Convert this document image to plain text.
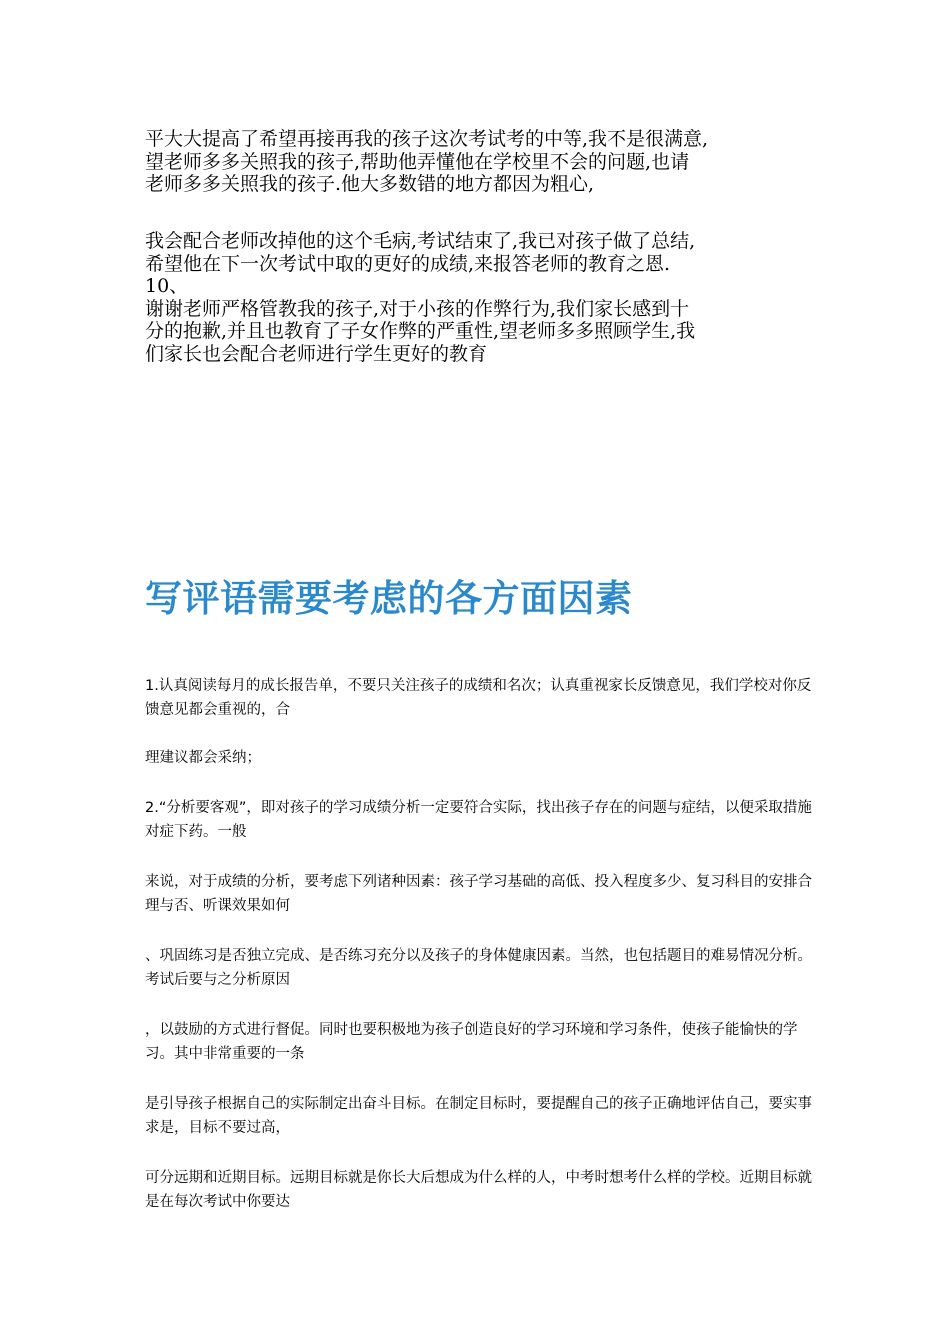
平大大提高了希望再接再我的孩子这次考试考的中等,我不是很满意,
望老师多多关照我的孩子,帮助他弄懂他在学校里不会的问题,也请
老师多多关照我的孩子.他大多数错的地方都因为粗心,

我会配合老师改掉他的这个毛病,考试结束了,我已对孩子做了总结,
希望他在下一次考试中取的更好的成绩,来报答老师的教育之恩.
10、
谢谢老师严格管教我的孩子,对于小孩的作弊行为,我们家长感到十
分的抱歉,并且也教育了子女作弊的严重性,望老师多多照顾学生,我
们家长也会配合老师进行学生更好的教育

写评语需要考虑的各方面因素

1.认真阅读每月的成长报告单，不要只关注孩子的成绩和名次；认真重视家长反馈意见，我们学校对你反馈意见都会重视的，合

理建议都会采纳；

2.“分析要客观”，即对孩子的学习成绩分析一定要符合实际，找出孩子存在的问题与症结，以便采取措施对症下药。一般

来说，对于成绩的分析，要考虑下列诸种因素：孩子学习基础的高低、投入程度多少、复习科目的安排合理与否、听课效果如何

、巩固练习是否独立完成、是否练习充分以及孩子的身体健康因素。当然，也包括题目的难易情况分析。考试后要与之分析原因

，以鼓励的方式进行督促。同时也要积极地为孩子创造良好的学习环境和学习条件，使孩子能愉快的学习。其中非常重要的一条

是引导孩子根据自己的实际制定出奋斗目标。在制定目标时，要提醒自己的孩子正确地评估自己，要实事求是，目标不要过高，

可分远期和近期目标。远期目标就是你长大后想成为什么样的人，中考时想考什么样的学校。近期目标就是在每次考试中你要达
